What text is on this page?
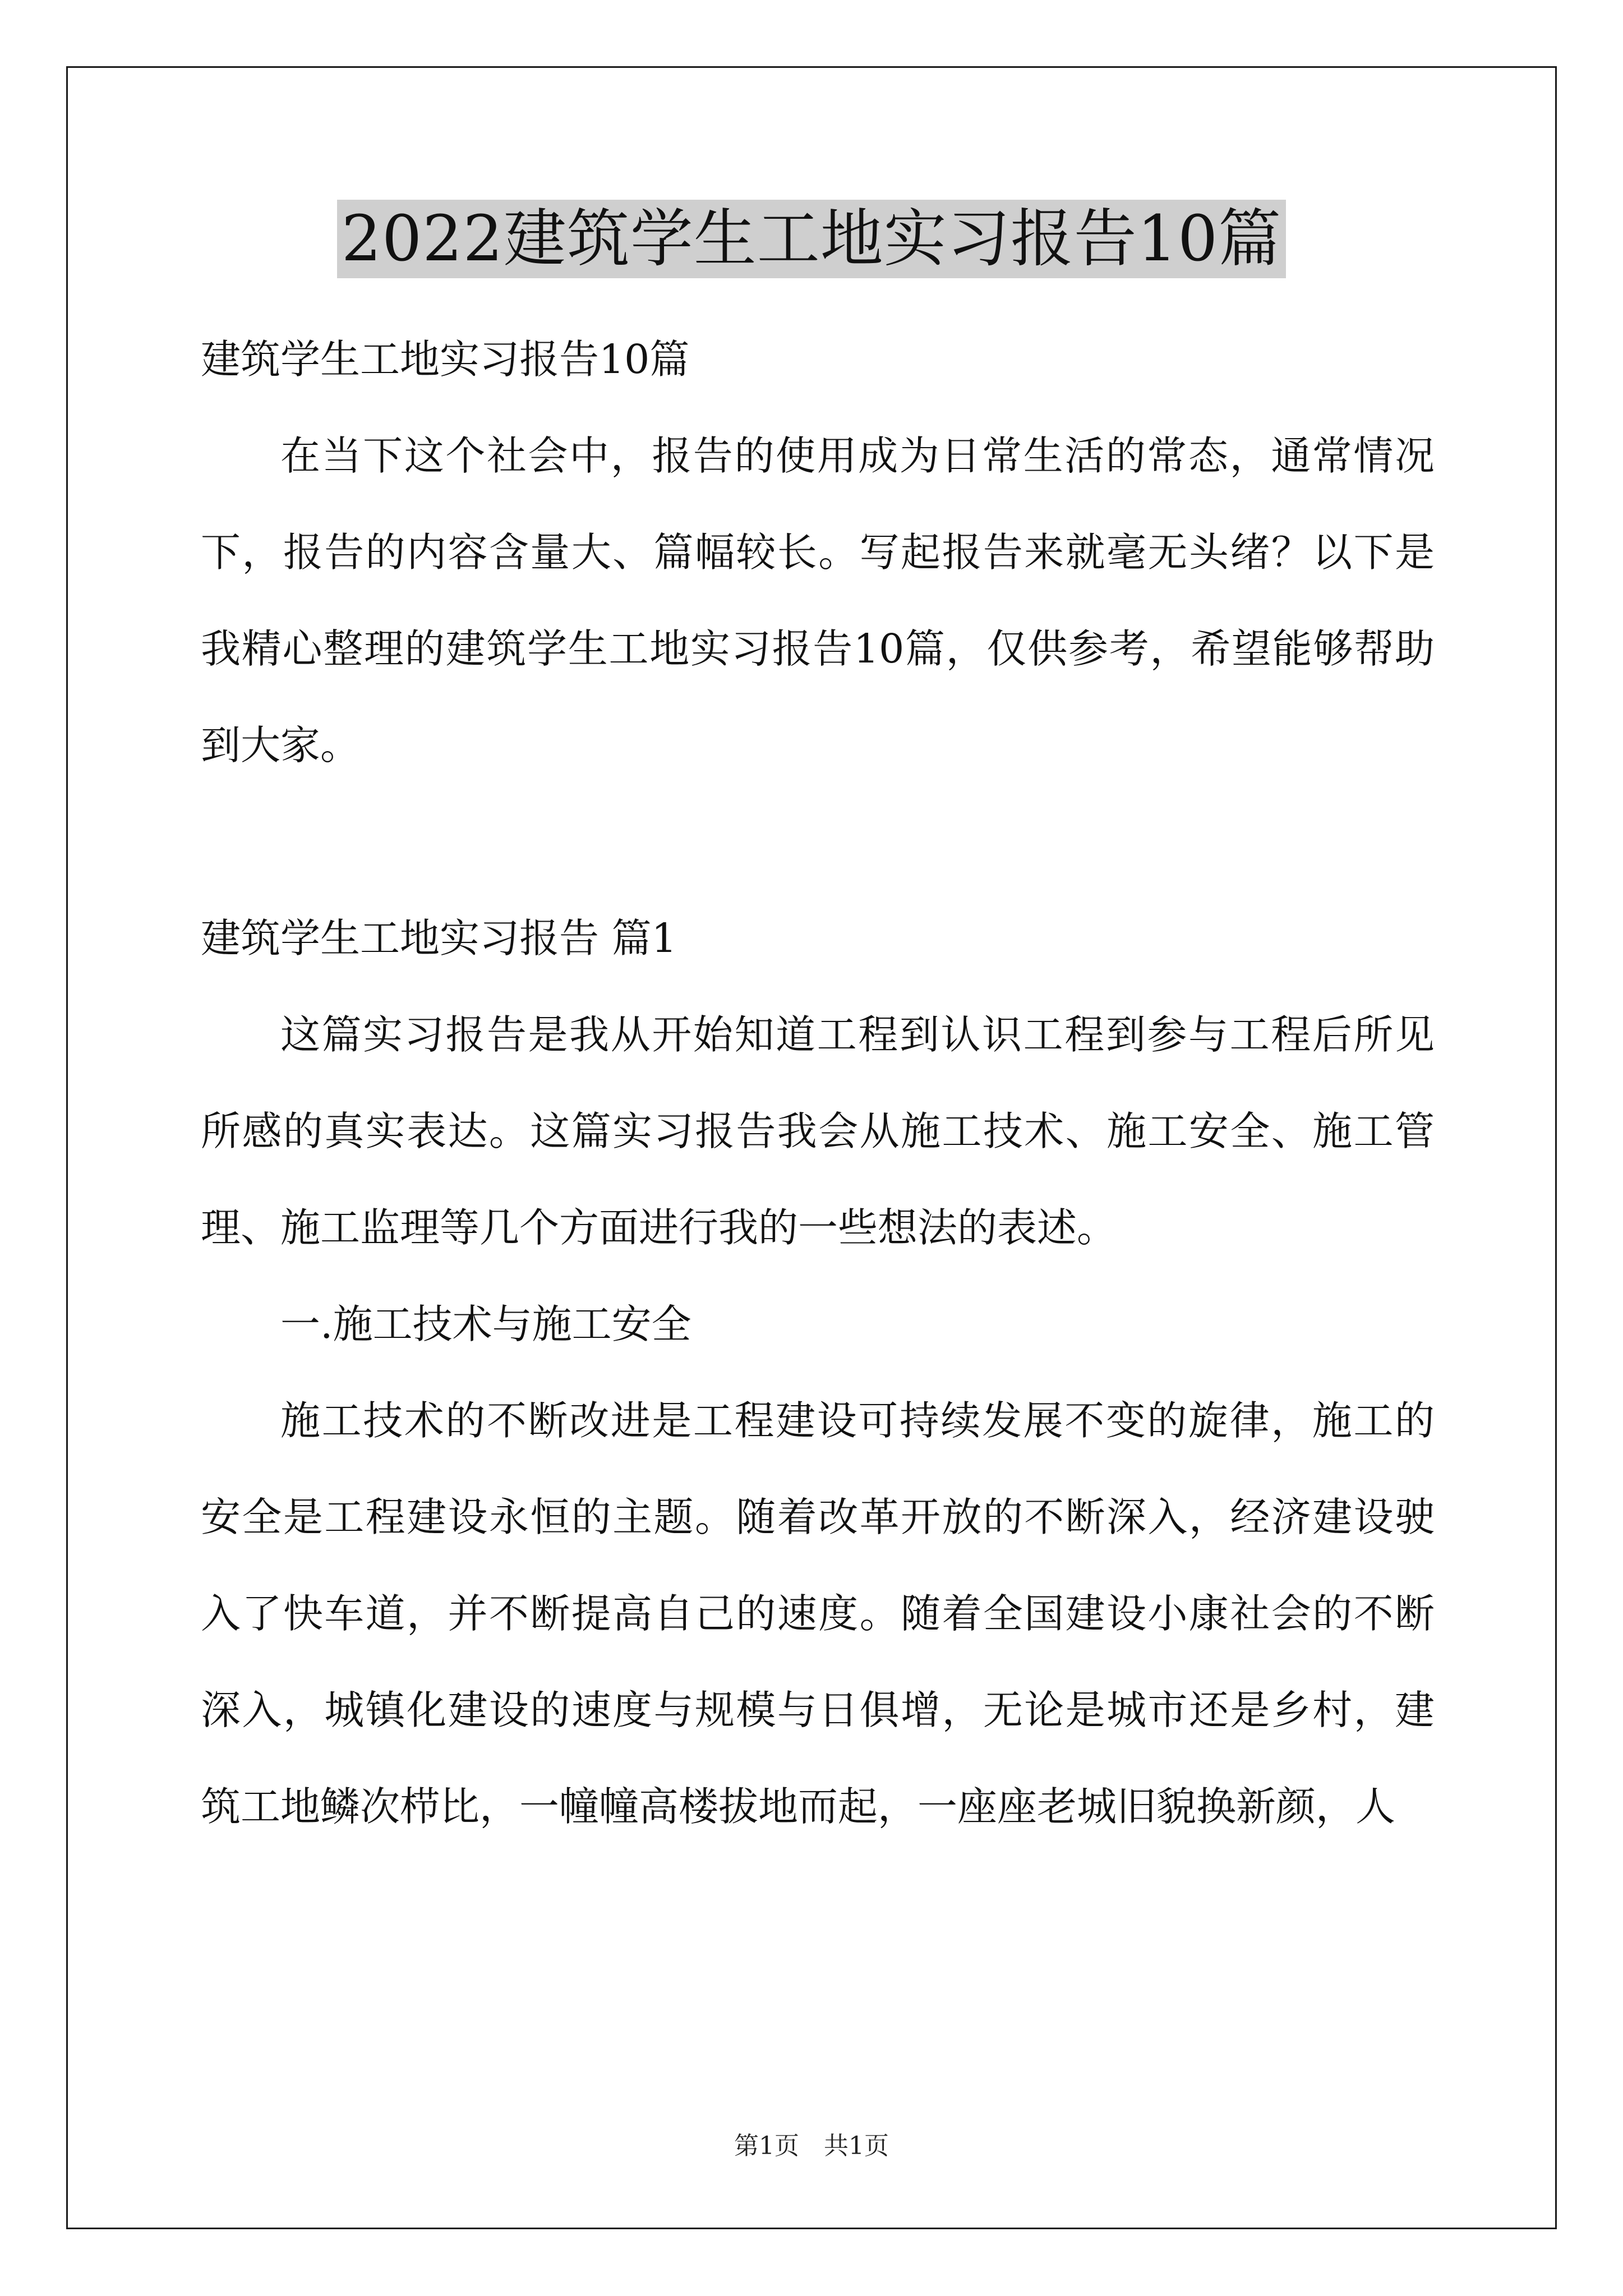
2022建筑学生工地实习报告10篇

建筑学生工地实习报告10篇

在当下这个社会中，报告的使用成为日常生活的常态，通常情况下，报告的内容含量大、篇幅较长。写起报告来就毫无头绪？以下是我精心整理的建筑学生工地实习报告10篇，仅供参考，希望能够帮助到大家。

建筑学生工地实习报告 篇1

这篇实习报告是我从开始知道工程到认识工程到参与工程后所见所感的真实表达。这篇实习报告我会从施工技术、施工安全、施工管理、施工监理等几个方面进行我的一些想法的表述。

一.施工技术与施工安全

施工技术的不断改进是工程建设可持续发展不变的旋律，施工的安全是工程建设永恒的主题。随着改革开放的不断深入，经济建设驶入了快车道，并不断提高自己的速度。随着全国建设小康社会的不断深入，城镇化建设的速度与规模与日俱增，无论是城市还是乡村，建筑工地鳞次栉比，一幢幢高楼拔地而起，一座座老城旧貌换新颜，人

第1页 共1页
